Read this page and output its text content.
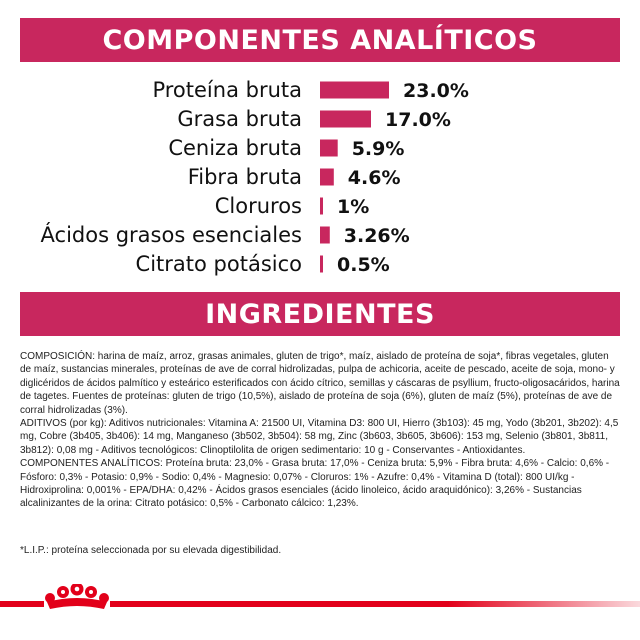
COMPONENTES ANALÍTICOS
Proteína bruta	23.0%
Grasa bruta	17.0%
Ceniza bruta	5.9%
Fibra bruta 4.6%
Cloruros 1%
Ácidos grasos esenciales 3.26%
Citrato potásico 0.5%
INGREDIENTES
COMPOSICIÓN: harina de maíz, arroz, grasas animales, gluten de trigo*, maíz, aislado de proteína de soja*, fibras vegetales, gluten de maíz, sustancias minerales, proteínas de ave de corral hidrolizadas, pulpa de achicoria, aceite de pescado, aceite de soja, mono- y diglicéridos de ácidos palmítico y esteárico esterificados con ácido cítrico, semillas y cáscaras de psyllium, fructo-oligosacáridos, harina de tagetes. Fuentes de proteínas: gluten de trigo (10,5%), aislado de proteína de soja (6%), gluten de maíz (5%), proteínas de ave de corral hidrolizadas (3%).
ADITIVOS (por kg): Aditivos nutricionales: Vitamina A: 21500 UI, Vitamina D3: 800 UI, Hierro (3b103): 45 mg, Yodo (3b201, 3b202): 4,5 mg, Cobre (3b405, 3b406): 14 mg, Manganeso (3b502, 3b504): 58 mg, Zinc (3b603, 3b605, 3b606): 153 mg, Selenio (3b801, 3b811, 3b812): 0,08 mg - Aditivos tecnológicos: Clinoptilolita de origen sedimentario: 10 g - Conservantes - Antioxidantes.
COMPONENTES ANALÍTICOS: Proteína bruta: 23,0% - Grasa bruta: 17,0% - Ceniza bruta: 5,9% - Fibra bruta: 4,6% - Calcio: 0,6% - Fósforo: 0,3% - Potasio: 0,9% - Sodio: 0,4% - Magnesio: 0,07% - Cloruros: 1% - Azufre: 0,4% - Vitamina D (total): 800 UI/kg - Hidroxiprolina: 0,001% - EPA/DHA: 0,42% - Ácidos grasos esenciales (ácido linoleico, ácido araquidónico): 3,26% - Sustancias alcalinizantes de la orina: Citrato potásico: 0,5% - Carbonato cálcico: 1,23%.
*L.I.P.: proteína seleccionada por su elevada digestibilidad.
